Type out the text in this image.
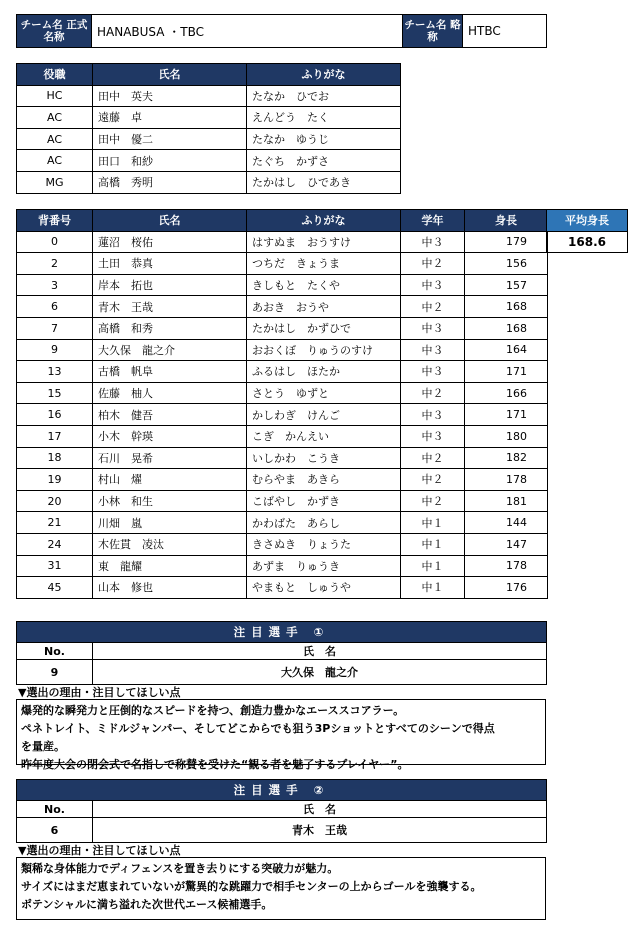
チーム名 正式名称	HANABUSA ・TBC	チーム名 略　 称	HTBC
役職	氏名	ふりがな
HC	田中　英夫	たなか　ひでお
AC	遠藤　卓	えんどう　たく
AC	田中　優二	たなか　ゆうじ
AC	田口　和紗	たぐち　かずさ
MG	高橋　秀明	たかはし　ひであき
背番号	氏名	ふりがな	学年	身長
0	蓮沼　桜佑	はすぬま　おうすけ	中３	179
2	土田　恭真	つちだ　きょうま	中２	156
3	岸本　拓也	きしもと　たくや	中３	157
6	青木　王哉	あおき　おうや	中２	168
7	高橋　和秀	たかはし　かずひで	中３	168
9	大久保　龍之介	おおくぼ　りゅうのすけ	中３	164
13	古橋　帆阜	ふるはし　ほたか	中３	171
15	佐藤　柚人	さとう　ゆずと	中２	166
16	柏木　健吾	かしわぎ　けんご	中３	171
17	小木　幹瑛	こぎ　かんえい	中３	180
18	石川　晃希	いしかわ　こうき	中２	182
19	村山　燿	むらやま　あきら	中２	178
20	小林　和生	こばやし　かずき	中２	181
21	川畑　嵐	かわばた　あらし	中１	144
24	木佐貫　凌汰	きさぬき　りょうた	中１	147
31	東　龍耀	あずま　りゅうき	中１	178
45	山本　修也	やまもと　しゅうや	中１	176
平均身長
168.6
注目選手 ①	
No.	氏　名
9	大久保　龍之介
▼選出の理由・注目してほしい点
爆発的な瞬発力と圧倒的なスピードを持つ、創造力豊かなエーススコアラー。
ペネトレイト、ミドルジャンパー、そしてどこからでも狙う3Pショットとすべてのシーンで得点
を量産。
昨年度大会の閉会式で名指しで称賛を受けた“観る者を魅了するプレイヤー”。
注目選手 ②	
No.	氏　名
6	青木　王哉
▼選出の理由・注目してほしい点
類稀な身体能力でディフェンスを置き去りにする突破力が魅力。
サイズにはまだ恵まれていないが驚異的な跳躍力で相手センターの上からゴールを強襲する。
ポテンシャルに満ち溢れた次世代エース候補選手。
